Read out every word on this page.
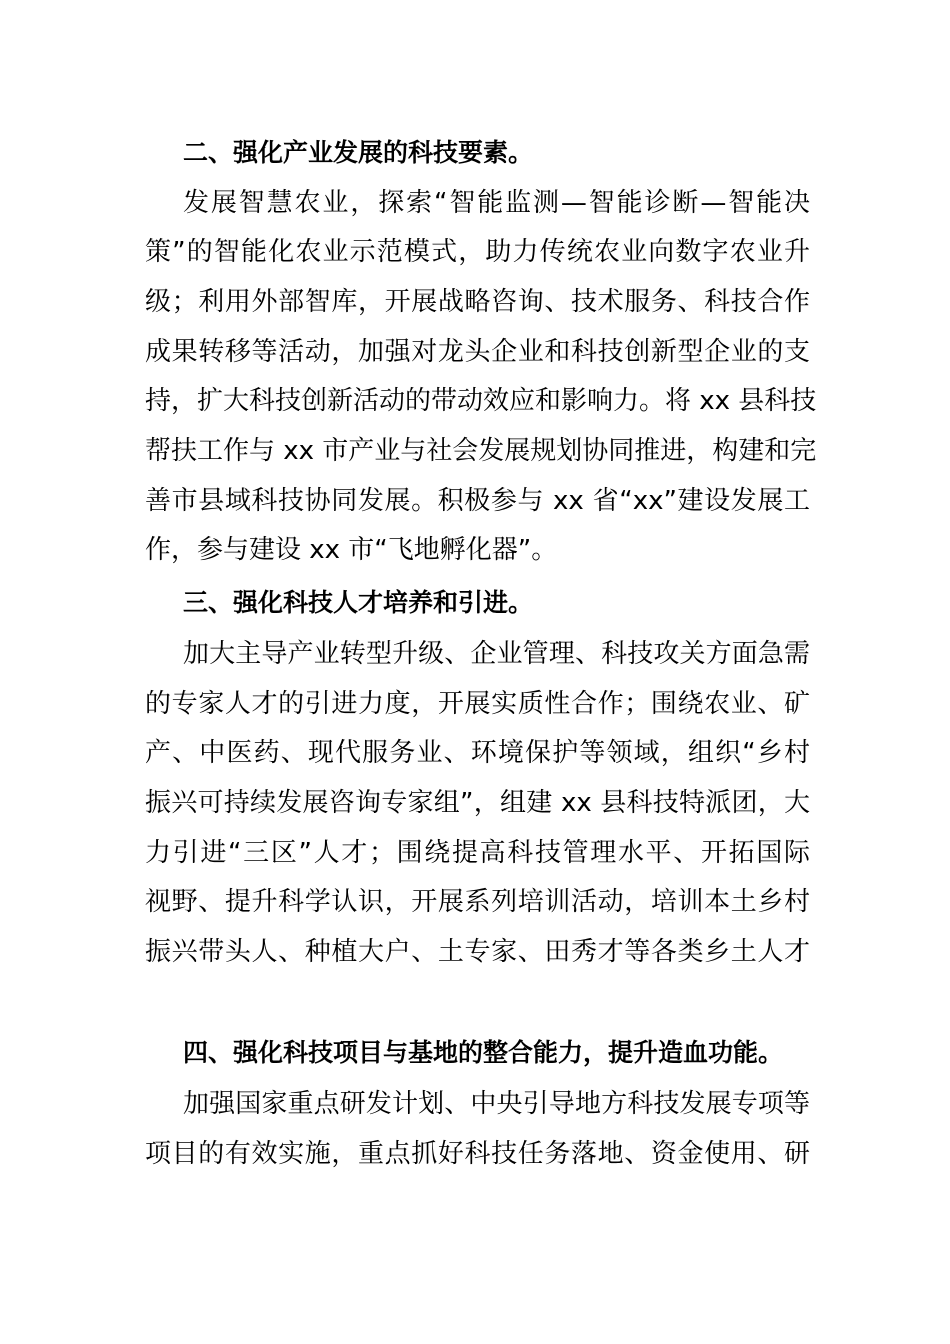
二、强化产业发展的科技要素。
发展智慧农业，探索“智能监测—智能诊断—智能决
策”的智能化农业示范模式，助力传统农业向数字农业升
级；利用外部智库，开展战略咨询、技术服务、科技合作
成果转移等活动，加强对龙头企业和科技创新型企业的支
持，扩大科技创新活动的带动效应和影响力。将 xx 县科技
帮扶工作与 xx 市产业与社会发展规划协同推进，构建和完
善市县域科技协同发展。积极参与 xx 省“xx”建设发展工
作，参与建设 xx 市“飞地孵化器”。
三、强化科技人才培养和引进。
加大主导产业转型升级、企业管理、科技攻关方面急需
的专家人才的引进力度，开展实质性合作；围绕农业、矿
产、中医药、现代服务业、环境保护等领域，组织“乡村
振兴可持续发展咨询专家组”，组建 xx 县科技特派团，大
力引进“三区”人才；围绕提高科技管理水平、开拓国际
视野、提升科学认识，开展系列培训活动，培训本土乡村
振兴带头人、种植大户、土专家、田秀才等各类乡土人才
四、强化科技项目与基地的整合能力，提升造血功能。
加强国家重点研发计划、中央引导地方科技发展专项等
项目的有效实施，重点抓好科技任务落地、资金使用、研
